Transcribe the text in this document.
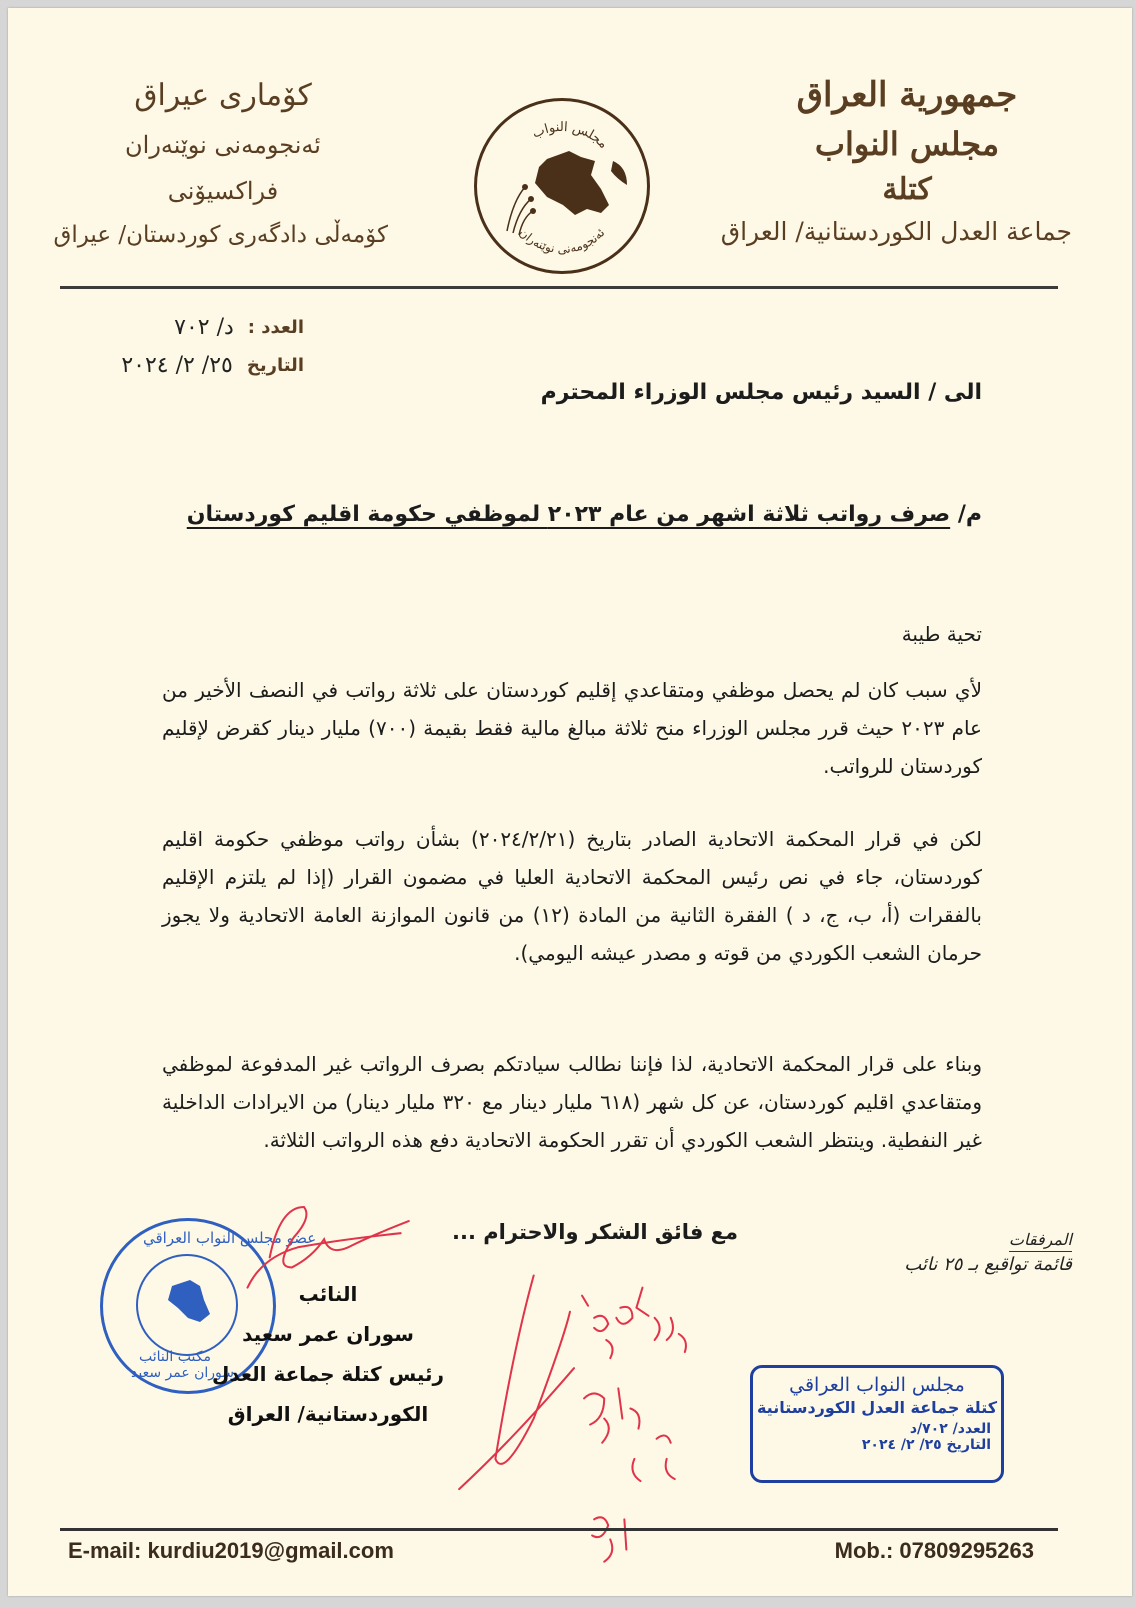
جمهورية العراق
مجلس النواب
كتلة
جماعة العدل الكوردستانية/ العراق
کۆماری عیراق
ئەنجومەنی نوێنەران
فراکسیۆنی
کۆمەڵی دادگەری کوردستان/ عیراق
مجلس النواب
ئەنجومەنی نوێنەران
العدد :
د/ ٧٠٢
التاريخ
٢٥/ ٢/ ٢٠٢٤
الى / السيد رئيس مجلس الوزراء المحترم
م/ صرف رواتب ثلاثة اشهر من عام ٢٠٢٣ لموظفي حكومة اقليم كوردستان
تحية طيبة
لأي سبب كان لم يحصل موظفي ومتقاعدي إقليم كوردستان على ثلاثة رواتب في النصف الأخير من عام ٢٠٢٣ حيث قرر مجلس الوزراء منح ثلاثة مبالغ مالية فقط بقيمة (٧٠٠) مليار دينار كقرض لإقليم كوردستان للرواتب.
لكن في قرار المحكمة الاتحادية الصادر بتاريخ (٢٠٢٤/٢/٢١) بشأن رواتب موظفي حكومة اقليم كوردستان، جاء في نص رئيس المحكمة الاتحادية العليا في مضمون القرار (إذا لم يلتزم الإقليم بالفقرات (أ، ب، ج، د ) الفقرة الثانية من المادة (١٢) من قانون الموازنة العامة الاتحادية ولا يجوز حرمان الشعب الكوردي من قوته و مصدر عيشه اليومي).
وبناء على قرار المحكمة الاتحادية، لذا فإننا نطالب سيادتكم بصرف الرواتب غير المدفوعة لموظفي ومتقاعدي اقليم كوردستان، عن كل شهر (٦١٨ مليار دينار مع ٣٢٠ مليار دينار) من الايرادات الداخلية غير النفطية. وينتظر الشعب الكوردي أن تقرر الحكومة الاتحادية دفع هذه الرواتب الثلاثة.
مع فائق الشكر والاحترام ...	المرفقات
قائمة تواقيع بـ ٢٥ نائب
عضو مجلس النواب العراقي
مكتب النائب
سوران عمر سعيد
النائب
سوران عمر سعيد
رئيس كتلة جماعة العدل
الكوردستانية/ العراق
مجلس النواب العراقي
كتلة جماعة العدل الكوردستانية
العدد/ ٧٠٢/د
التاريخ ٢٥/ ٢/ ٢٠٢٤
E-mail: kurdiu2019@gmail.com	Mob.: 07809295263
